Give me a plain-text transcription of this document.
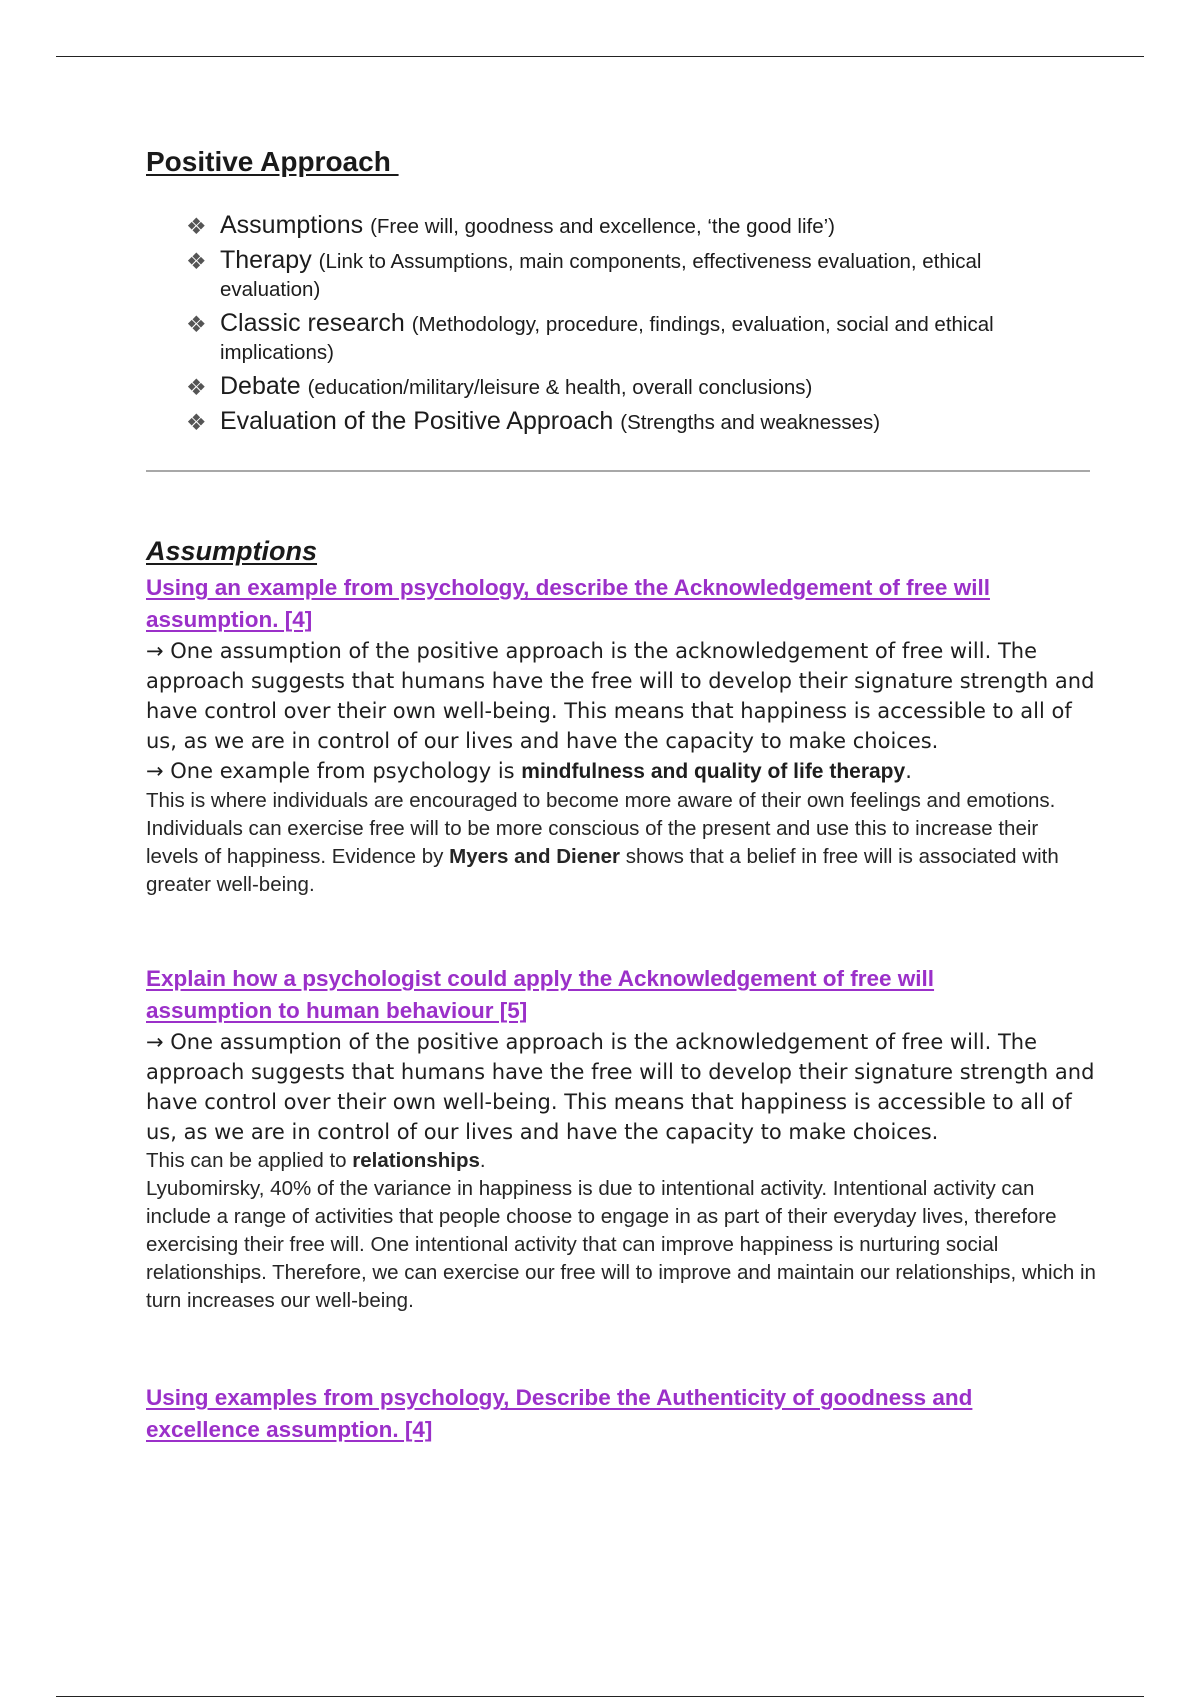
Positive Approach
❖ Assumptions (Free will, goodness and excellence, ‘the good life’)
❖ Therapy (Link to Assumptions, main components, effectiveness evaluation, ethical evaluation)
❖ Classic research (Methodology, procedure, findings, evaluation, social and ethical implications)
❖ Debate (education/military/leisure & health, overall conclusions)
❖ Evaluation of the Positive Approach (Strengths and weaknesses)
Assumptions

Using an example from psychology, describe the Acknowledgement of free will
assumption. [4]

→ One assumption of the positive approach is the acknowledgement of free will. The approach suggests that humans have the free will to develop their signature strength and have control over their own well-being. This means that happiness is accessible to all of us, as we are in control of our lives and have the capacity to make choices.

→ One example from psychology is mindfulness and quality of life therapy.

This is where individuals are encouraged to become more aware of their own feelings and emotions. Individuals can exercise free will to be more conscious of the present and use this to increase their levels of happiness. Evidence by Myers and Diener shows that a belief in free will is associated with greater well-being.

Explain how a psychologist could apply the Acknowledgement of free will
assumption to human behaviour [5]

→ One assumption of the positive approach is the acknowledgement of free will. The approach suggests that humans have the free will to develop their signature strength and have control over their own well-being. This means that happiness is accessible to all of us, as we are in control of our lives and have the capacity to make choices.

This can be applied to relationships.

Lyubomirsky, 40% of the variance in happiness is due to intentional activity. Intentional activity can include a range of activities that people choose to engage in as part of their everyday lives, therefore exercising their free will. One intentional activity that can improve happiness is nurturing social relationships. Therefore, we can exercise our free will to improve and maintain our relationships, which in turn increases our well-being.

Using examples from psychology, Describe the Authenticity of goodness and
excellence assumption. [4]
